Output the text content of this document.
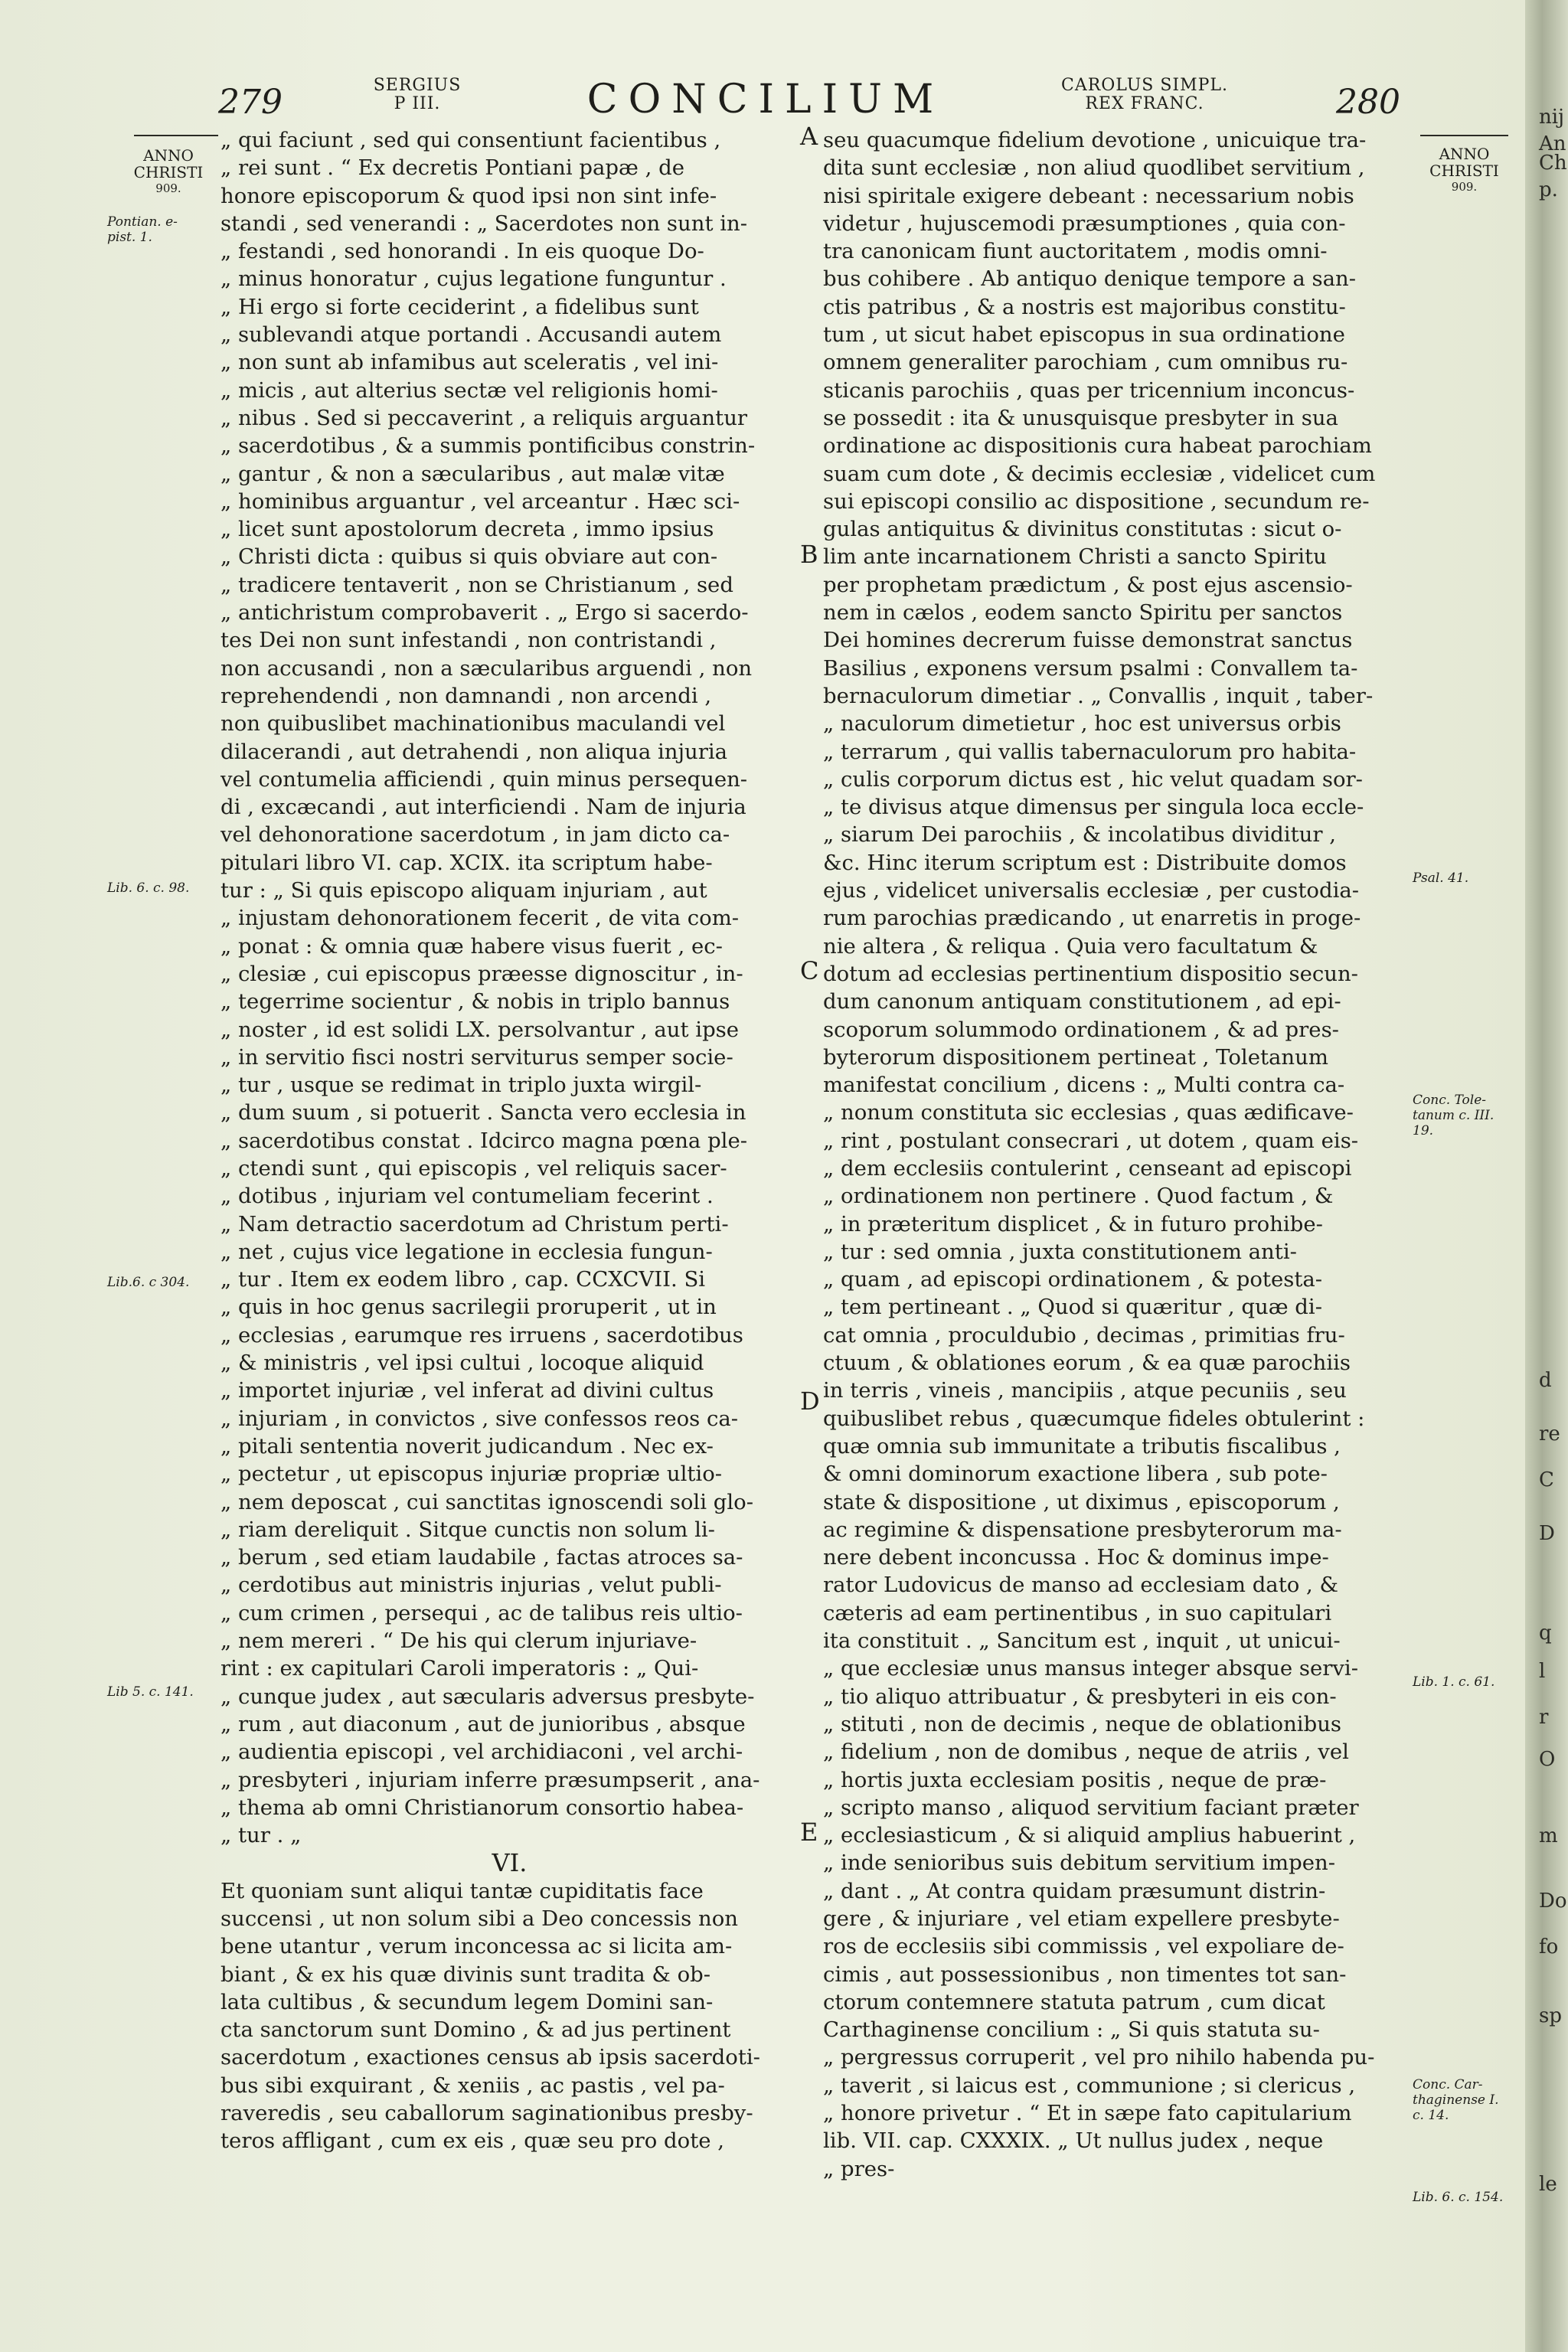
279	SERGIUS
P III.	CONCILIUM	CAROLUS SIMPL.
REX FRANC.	280
ANNO
CHRISTI
909.
Pontian. e-
pist. 1.
Lib. 6. c. 98.
Lib.6. c 304.
Lib 5. c. 141.
„ qui faciunt , sed qui consentiunt facientibus ,
„ rei sunt . “ Ex decretis Pontiani papæ , de
honore episcoporum & quod ipsi non sint infe-
standi , sed venerandi : „ Sacerdotes non sunt in-
„ festandi , sed honorandi . In eis quoque Do-
„ minus honoratur , cujus legatione funguntur .
„ Hi ergo si forte ceciderint , a fidelibus sunt
„ sublevandi atque portandi . Accusandi autem
„ non sunt ab infamibus aut sceleratis , vel ini-
„ micis , aut alterius sectæ vel religionis homi-
„ nibus . Sed si peccaverint , a reliquis arguantur
„ sacerdotibus , & a summis pontificibus constrin-
„ gantur , & non a sæcularibus , aut malæ vitæ
„ hominibus arguantur , vel arceantur . Hæc sci-
„ licet sunt apostolorum decreta , immo ipsius
„ Christi dicta : quibus si quis obviare aut con-
„ tradicere tentaverit , non se Christianum , sed
„ antichristum comprobaverit . „ Ergo si sacerdo-
tes Dei non sunt infestandi , non contristandi ,
non accusandi , non a sæcularibus arguendi , non
reprehendendi , non damnandi , non arcendi ,
non quibuslibet machinationibus maculandi vel
dilacerandi , aut detrahendi , non aliqua injuria
vel contumelia afficiendi , quin minus persequen-
di , excæcandi , aut interficiendi . Nam de injuria
vel dehonoratione sacerdotum , in jam dicto ca-
pitulari libro VI. cap. XCIX. ita scriptum habe-
tur : „ Si quis episcopo aliquam injuriam , aut
„ injustam dehonorationem fecerit , de vita com-
„ ponat : & omnia quæ habere visus fuerit , ec-
„ clesiæ , cui episcopus præesse dignoscitur , in-
„ tegerrime socientur , & nobis in triplo bannus
„ noster , id est solidi LX. persolvantur , aut ipse
„ in servitio fisci nostri serviturus semper socie-
„ tur , usque se redimat in triplo juxta wirgil-
„ dum suum , si potuerit . Sancta vero ecclesia in
„ sacerdotibus constat . Idcirco magna pœna ple-
„ ctendi sunt , qui episcopis , vel reliquis sacer-
„ dotibus , injuriam vel contumeliam fecerint .
„ Nam detractio sacerdotum ad Christum perti-
„ net , cujus vice legatione in ecclesia fungun-
„ tur . Item ex eodem libro , cap. CCXCVII. Si
„ quis in hoc genus sacrilegii proruperit , ut in
„ ecclesias , earumque res irruens , sacerdotibus
„ & ministris , vel ipsi cultui , locoque aliquid
„ importet injuriæ , vel inferat ad divini cultus
„ injuriam , in convictos , sive confessos reos ca-
„ pitali sententia noverit judicandum . Nec ex-
„ pectetur , ut episcopus injuriæ propriæ ultio-
„ nem deposcat , cui sanctitas ignoscendi soli glo-
„ riam dereliquit . Sitque cunctis non solum li-
„ berum , sed etiam laudabile , factas atroces sa-
„ cerdotibus aut ministris injurias , velut publi-
„ cum crimen , persequi , ac de talibus reis ultio-
„ nem mereri . “ De his qui clerum injuriave-
rint : ex capitulari Caroli imperatoris : „ Qui-
„ cunque judex , aut sæcularis adversus presbyte-
„ rum , aut diaconum , aut de junioribus , absque
„ audientia episcopi , vel archidiaconi , vel archi-
„ presbyteri , injuriam inferre præsumpserit , ana-
„ thema ab omni Christianorum consortio habea-
„ tur . „
VI.
Et quoniam sunt aliqui tantæ cupiditatis face
succensi , ut non solum sibi a Deo concessis non
bene utantur , verum inconcessa ac si licita am-
biant , & ex his quæ divinis sunt tradita & ob-
lata cultibus , & secundum legem Domini san-
cta sanctorum sunt Domino , & ad jus pertinent
sacerdotum , exactiones census ab ipsis sacerdoti-
bus sibi exquirant , & xeniis , ac pastis , vel pa-
raveredis , seu caballorum saginationibus presby-
teros affligant , cum ex eis , quæ seu pro dote ,
A
B
C
D
E
seu quacumque fidelium devotione , unicuique tra-
dita sunt ecclesiæ , non aliud quodlibet servitium ,
nisi spiritale exigere debeant : necessarium nobis
videtur , hujuscemodi præsumptiones , quia con-
tra canonicam fiunt auctoritatem , modis omni-
bus cohibere . Ab antiquo denique tempore a san-
ctis patribus , & a nostris est majoribus constitu-
tum , ut sicut habet episcopus in sua ordinatione
omnem generaliter parochiam , cum omnibus ru-
sticanis parochiis , quas per tricennium inconcus-
se possedit : ita & unusquisque presbyter in sua
ordinatione ac dispositionis cura habeat parochiam
suam cum dote , & decimis ecclesiæ , videlicet cum
sui episcopi consilio ac dispositione , secundum re-
gulas antiquitus & divinitus constitutas : sicut o-
lim ante incarnationem Christi a sancto Spiritu
per prophetam prædictum , & post ejus ascensio-
nem in cælos , eodem sancto Spiritu per sanctos
Dei homines decrerum fuisse demonstrat sanctus
Basilius , exponens versum psalmi : Convallem ta-
bernaculorum dimetiar . „ Convallis , inquit , taber-
„ naculorum dimetietur , hoc est universus orbis
„ terrarum , qui vallis tabernaculorum pro habita-
„ culis corporum dictus est , hic velut quadam sor-
„ te divisus atque dimensus per singula loca eccle-
„ siarum Dei parochiis , & incolatibus dividitur ,
&c. Hinc iterum scriptum est : Distribuite domos
ejus , videlicet universalis ecclesiæ , per custodia-
rum parochias prædicando , ut enarretis in proge-
nie altera , & reliqua . Quia vero facultatum &
dotum ad ecclesias pertinentium dispositio secun-
dum canonum antiquam constitutionem , ad epi-
scoporum solummodo ordinationem , & ad pres-
byterorum dispositionem pertineat , Toletanum
manifestat concilium , dicens : „ Multi contra ca-
„ nonum constituta sic ecclesias , quas ædificave-
„ rint , postulant consecrari , ut dotem , quam eis-
„ dem ecclesiis contulerint , censeant ad episcopi
„ ordinationem non pertinere . Quod factum , &
„ in præteritum displicet , & in futuro prohibe-
„ tur : sed omnia , juxta constitutionem anti-
„ quam , ad episcopi ordinationem , & potesta-
„ tem pertineant . „ Quod si quæritur , quæ di-
cat omnia , proculdubio , decimas , primitias fru-
ctuum , & oblationes eorum , & ea quæ parochiis
in terris , vineis , mancipiis , atque pecuniis , seu
quibuslibet rebus , quæcumque fideles obtulerint :
quæ omnia sub immunitate a tributis fiscalibus ,
& omni dominorum exactione libera , sub pote-
state & dispositione , ut diximus , episcoporum ,
ac regimine & dispensatione presbyterorum ma-
nere debent inconcussa . Hoc & dominus impe-
rator Ludovicus de manso ad ecclesiam dato , &
cæteris ad eam pertinentibus , in suo capitulari
ita constituit . „ Sancitum est , inquit , ut unicui-
„ que ecclesiæ unus mansus integer absque servi-
„ tio aliquo attribuatur , & presbyteri in eis con-
„ stituti , non de decimis , neque de oblationibus
„ fidelium , non de domibus , neque de atriis , vel
„ hortis juxta ecclesiam positis , neque de præ-
„ scripto manso , aliquod servitium faciant præter
„ ecclesiasticum , & si aliquid amplius habuerint ,
„ inde senioribus suis debitum servitium impen-
„ dant . „ At contra quidam præsumunt distrin-
gere , & injuriare , vel etiam expellere presbyte-
ros de ecclesiis sibi commissis , vel expoliare de-
cimis , aut possessionibus , non timentes tot san-
ctorum contemnere statuta patrum , cum dicat
Carthaginense concilium : „ Si quis statuta su-
„ pergressus corruperit , vel pro nihilo habenda pu-
„ taverit , si laicus est , communione ; si clericus ,
„ honore privetur . “ Et in sæpe fato capitularium
lib. VII. cap. CXXXIX. „ Ut nullus judex , neque
„ pres-
ANNO
CHRISTI
909.
Psal. 41.
Conc. Tole-
tanum c. III.
19.
Lib. 1. c. 61.
Conc. Car-
thaginense I.
c. 14.
Lib. 6. c. 154.
nij
An
Ch
p.
d
re
C
D
q
l
r
O
m
Do
fo
sp
le
